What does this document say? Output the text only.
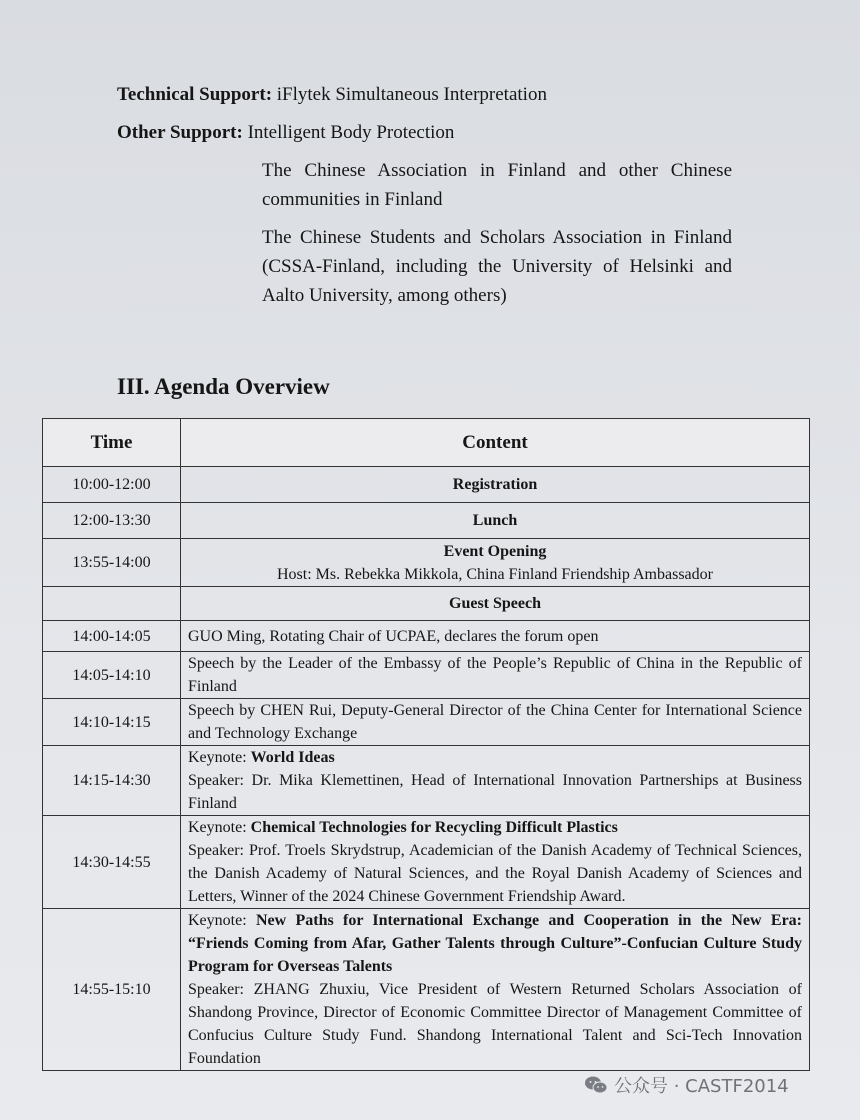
Technical Support: iFlytek Simultaneous Interpretation
Other Support: Intelligent Body Protection
The Chinese Association in Finland and other Chinese communities in Finland
The Chinese Students and Scholars Association in Finland (CSSA-Finland, including the University of Helsinki and Aalto University, among others)
III. Agenda Overview
Time	Content
10:00-12:00	Registration
12:00-13:30	Lunch
13:55-14:00	Event Opening
Host: Ms. Rebekka Mikkola, China Finland Friendship Ambassador

	Guest Speech
14:00-14:05	GUO Ming, Rotating Chair of UCPAE, declares the forum open
14:05-14:10	Speech by the Leader of the Embassy of the People’s Republic of China in the Republic of Finland
14:10-14:15	Speech by CHEN Rui, Deputy-General Director of the China Center for International Science and Technology Exchange
14:15-14:30	Keynote: World Ideas
Speaker: Dr. Mika Klemettinen, Head of International Innovation Partnerships at Business Finland

14:30-14:55	Keynote: Chemical Technologies for Recycling Difficult Plastics
Speaker: Prof. Troels Skrydstrup, Academician of the Danish Academy of Technical Sciences, the Danish Academy of Natural Sciences, and the Royal Danish Academy of Sciences and Letters, Winner of the 2024 Chinese Government Friendship Award.

14:55-15:10	Keynote: New Paths for International Exchange and Cooperation in the New Era: “Friends Coming from Afar, Gather Talents through Culture”-Confucian Culture Study Program for Overseas Talents
Speaker: ZHANG Zhuxiu, Vice President of Western Returned Scholars Association of Shandong Province, Director of Economic Committee Director of Management Committee of Confucius Culture Study Fund. Shandong International Talent and Sci-Tech Innovation Foundation
公众号 · CASTF2014
